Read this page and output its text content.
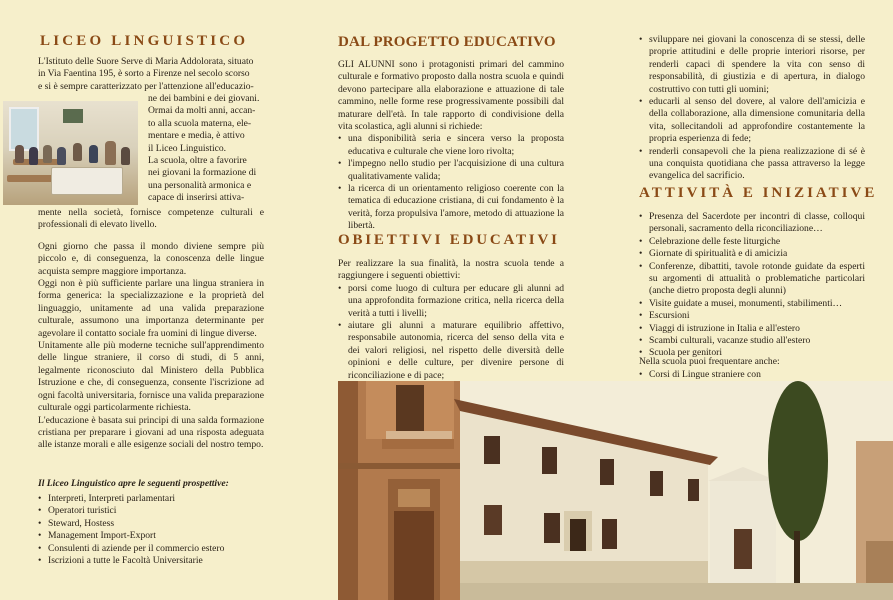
LICEO LINGUISTICO

L'Istituto delle Suore Serve di Maria Addolorata, situato

in Via Faentina 195, è sorto a Firenze nel secolo scorso

e si è sempre caratterizzato per l'attenzione all'educazio-

ne dei bambini e dei giovani.

Ormai da molti anni, accan-

to alla scuola materna, ele-

mentare e media, è attivo

il Liceo Linguistico.

La scuola, oltre a favorire

nei giovani la formazione di

una personalità armonica e

capace di inserirsi attiva-

mente nella società, fornisce competenze culturali e professionali di elevato livello.

Ogni giorno che passa il mondo diviene sempre più piccolo e, di conseguenza, la conoscenza delle lingue acquista sempre maggiore importanza.

Oggi non è più sufficiente parlare una lingua straniera in forma generica: la specializzazione e la proprietà del linguaggio, unitamente ad una valida preparazione culturale, assumono una importanza determinante per agevolare il contatto sociale fra uomini di lingue diverse.

Unitamente alle più moderne tecniche sull'apprendimento delle lingue straniere, il corso di studi, di 5 anni, legalmente riconosciuto dal Ministero della Pubblica Istruzione e che, di conseguenza, consente l'iscrizione ad ogni facoltà universitaria, fornisce una valida preparazione culturale oggi particolarmente richiesta.

L'educazione è basata sui principi di una salda formazione cristiana per preparare i giovani ad una risposta adeguata alle istanze morali e alle esigenze sociali del nostro tempo.

Il Liceo Linguistico apre le seguenti prospettive:
• Interpreti, Interpreti parlamentari
• Operatori turistici
• Steward, Hostess
• Management Import-Export
• Consulenti di aziende per il commercio estero
• Iscrizioni a tutte le Facoltà Universitarie
DAL PROGETTO EDUCATIVO

GLI ALUNNI sono i protagonisti primari del cammino culturale e formativo proposto dalla nostra scuola e quindi devono partecipare alla elaborazione e attuazione di tale cammino, nelle forme rese progressivamente possibili dal maturare dell'età. In tale rapporto di condivisione della vita scolastica, agli alunni si richiede:

• una disponibilità seria e sincera verso la proposta educativa e culturale che viene loro rivolta;
• l'impegno nello studio per l'acquisizione di una cultura qualitativamente valida;
• la ricerca di un orientamento religioso coerente con la tematica di educazione cristiana, di cui fondamento è la verità, forza propulsiva l'amore, metodo di attuazione la libertà.
OBIETTIVI EDUCATIVI

Per realizzare la sua finalità, la nostra scuola tende a raggiungere i seguenti obiettivi:

• porsi come luogo di cultura per educare gli alunni ad una approfondita formazione critica, nella ricerca della verità a tutti i livelli;
• aiutare gli alunni a maturare equilibrio affettivo, responsabile autonomia, ricerca del senso della vita e dei valori religiosi, nel rispetto delle diversità delle opinioni e delle culture, per divenire persone di riconciliazione e di pace;
• sviluppare nei giovani la conoscenza di se stessi, delle proprie attitudini e delle proprie interiori risorse, per renderli capaci di spendere la vita con senso di responsabilità, di giustizia e di apertura, in dialogo costruttivo con tutti gli uomini;
• educarli al senso del dovere, al valore dell'amicizia e della collaborazione, alla dimensione comunitaria della vita, sollecitandoli ad approfondire costantemente la propria esperienza di fede;
• renderli consapevoli che la piena realizzazione di sé è una conquista quotidiana che passa attraverso la legge evangelica del sacrificio.
ATTIVITÀ E INIZIATIVE
• Presenza del Sacerdote per incontri di classe, colloqui personali, sacramento della riconciliazione…
• Celebrazione delle feste liturgiche
• Giornate di spiritualità e di amicizia
• Conferenze, dibattiti, tavole rotonde guidate da esperti su argomenti di attualità o problematiche particolari (anche dietro proposta degli alunni)
• Visite guidate a musei, monumenti, stabilimenti…
• Escursioni
• Viaggi di istruzione in Italia e all'estero
• Scambi culturali, vacanze studio all'estero
• Scuola per genitori

Nella scuola puoi frequentare anche:

• Corsi di Lingue straniere con
•
•
•
